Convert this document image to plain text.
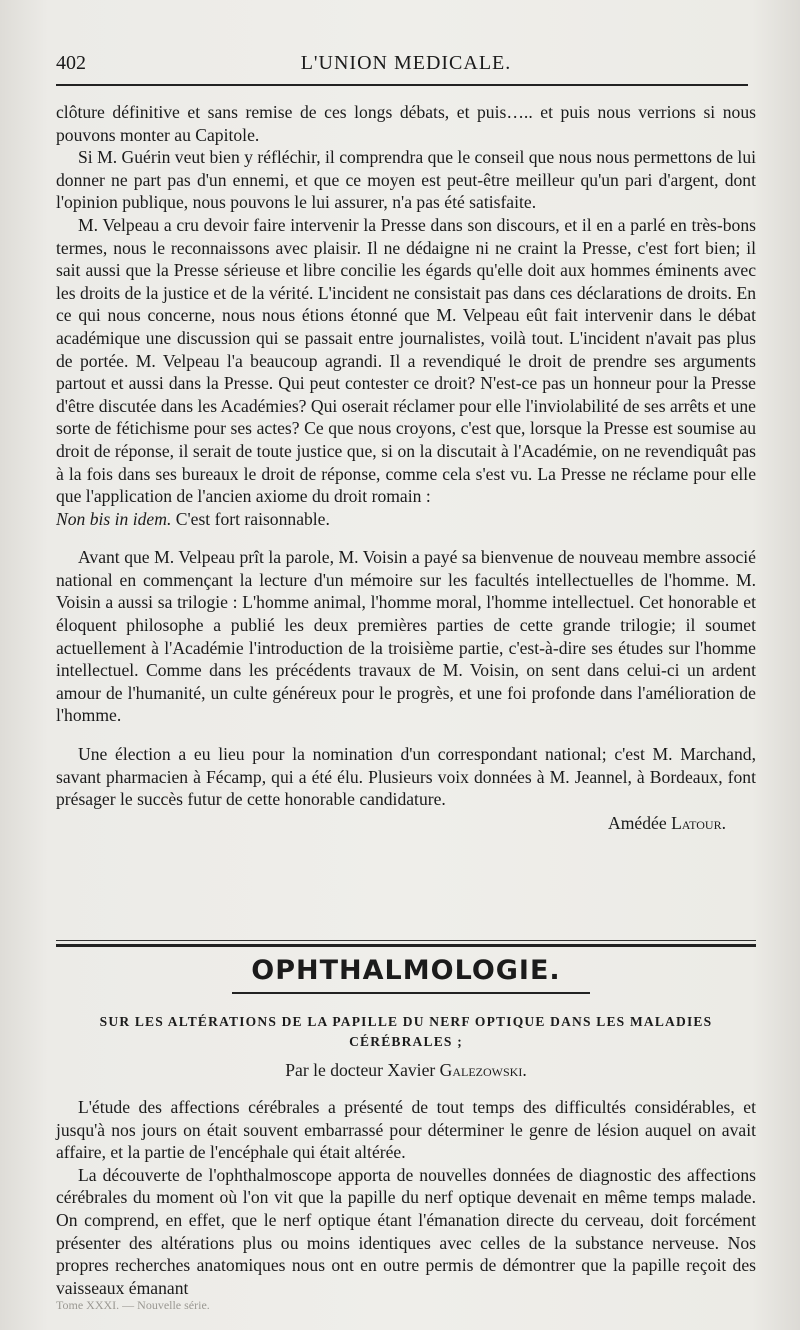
402	L'UNION MEDICALE.

clôture définitive et sans remise de ces longs débats, et puis….. et puis nous verrions si nous pouvons monter au Capitole.

Si M. Guérin veut bien y réfléchir, il comprendra que le conseil que nous nous permettons de lui donner ne part pas d'un ennemi, et que ce moyen est peut-être meilleur qu'un pari d'argent, dont l'opinion publique, nous pouvons le lui assurer, n'a pas été satisfaite.

M. Velpeau a cru devoir faire intervenir la Presse dans son discours, et il en a parlé en très-bons termes, nous le reconnaissons avec plaisir. Il ne dédaigne ni ne craint la Presse, c'est fort bien; il sait aussi que la Presse sérieuse et libre concilie les égards qu'elle doit aux hommes éminents avec les droits de la justice et de la vérité. L'incident ne consistait pas dans ces déclarations de droits. En ce qui nous concerne, nous nous étions étonné que M. Velpeau eût fait intervenir dans le débat académique une discussion qui se passait entre journalistes, voilà tout. L'incident n'avait pas plus de portée. M. Velpeau l'a beaucoup agrandi. Il a revendiqué le droit de prendre ses arguments partout et aussi dans la Presse. Qui peut contester ce droit? N'est-ce pas un honneur pour la Presse d'être discutée dans les Académies? Qui oserait réclamer pour elle l'inviolabilité de ses arrêts et une sorte de fétichisme pour ses actes? Ce que nous croyons, c'est que, lorsque la Presse est soumise au droit de réponse, il serait de toute justice que, si on la discutait à l'Académie, on ne revendiquât pas à la fois dans ses bureaux le droit de réponse, comme cela s'est vu. La Presse ne réclame pour elle que l'application de l'ancien axiome du droit romain :

Non bis in idem. C'est fort raisonnable.

Avant que M. Velpeau prît la parole, M. Voisin a payé sa bienvenue de nouveau membre associé national en commençant la lecture d'un mémoire sur les facultés intellectuelles de l'homme. M. Voisin a aussi sa trilogie : L'homme animal, l'homme moral, l'homme intellectuel. Cet honorable et éloquent philosophe a publié les deux premières parties de cette grande trilogie; il soumet actuellement à l'Académie l'introduction de la troisième partie, c'est-à-dire ses études sur l'homme intellectuel. Comme dans les précédents travaux de M. Voisin, on sent dans celui-ci un ardent amour de l'humanité, un culte généreux pour le progrès, et une foi profonde dans l'amélioration de l'homme.

Une élection a eu lieu pour la nomination d'un correspondant national; c'est M. Marchand, savant pharmacien à Fécamp, qui a été élu. Plusieurs voix données à M. Jeannel, à Bordeaux, font présager le succès futur de cette honorable candidature.

Amédée Latour.
OPHTHALMOLOGIE.
SUR LES ALTÉRATIONS DE LA PAPILLE DU NERF OPTIQUE DANS LES MALADIES CÉRÉBRALES ;
Par le docteur Xavier Galezowski.

L'étude des affections cérébrales a présenté de tout temps des difficultés considérables, et jusqu'à nos jours on était souvent embarrassé pour déterminer le genre de lésion auquel on avait affaire, et la partie de l'encéphale qui était altérée.

La découverte de l'ophthalmoscope apporta de nouvelles données de diagnostic des affections cérébrales du moment où l'on vit que la papille du nerf optique devenait en même temps malade. On comprend, en effet, que le nerf optique étant l'émanation directe du cerveau, doit forcément présenter des altérations plus ou moins identiques avec celles de la substance nerveuse. Nos propres recherches anatomiques nous ont en outre permis de démontrer que la papille reçoit des vaisseaux émanant

Tome XXXI. — Nouvelle série.
